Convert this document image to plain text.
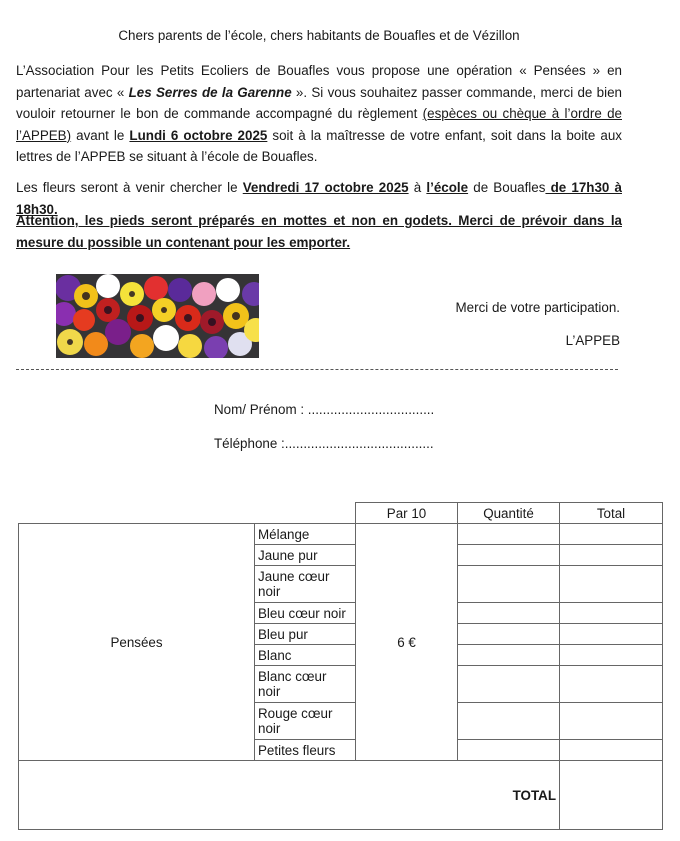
Chers parents de l’école, chers habitants de Bouafles et de Vézillon
L’Association Pour les Petits Ecoliers de Bouafles vous propose une opération « Pensées » en partenariat avec « Les Serres de la Garenne ». Si vous souhaitez passer commande, merci de bien vouloir retourner le bon de commande accompagné du règlement (espèces ou chèque à l’ordre de l’APPEB) avant le Lundi 6 octobre 2025 soit à la maîtresse de votre enfant, soit dans la boite aux lettres de l’APPEB se situant à l’école de Bouafles.
Les fleurs seront à venir chercher le Vendredi 17 octobre 2025 à l’école de Bouafles de 17h30 à 18h30.
Attention, les pieds seront préparés en mottes et non en godets. Merci de prévoir dans la mesure du possible un contenant pour les emporter.
Merci de votre participation.
L’APPEB
Nom/ Prénom : ..................................
Téléphone :........................................
		Par 10	Quantité	Total
Pensées	Mélange	6 €		
	Jaune pur			
	Jaune cœur noir			
	Bleu cœur noir			
	Bleu pur			
	Blanc			
	Blanc cœur noir			
	Rouge cœur noir			
	Petites fleurs			
TOTAL				
